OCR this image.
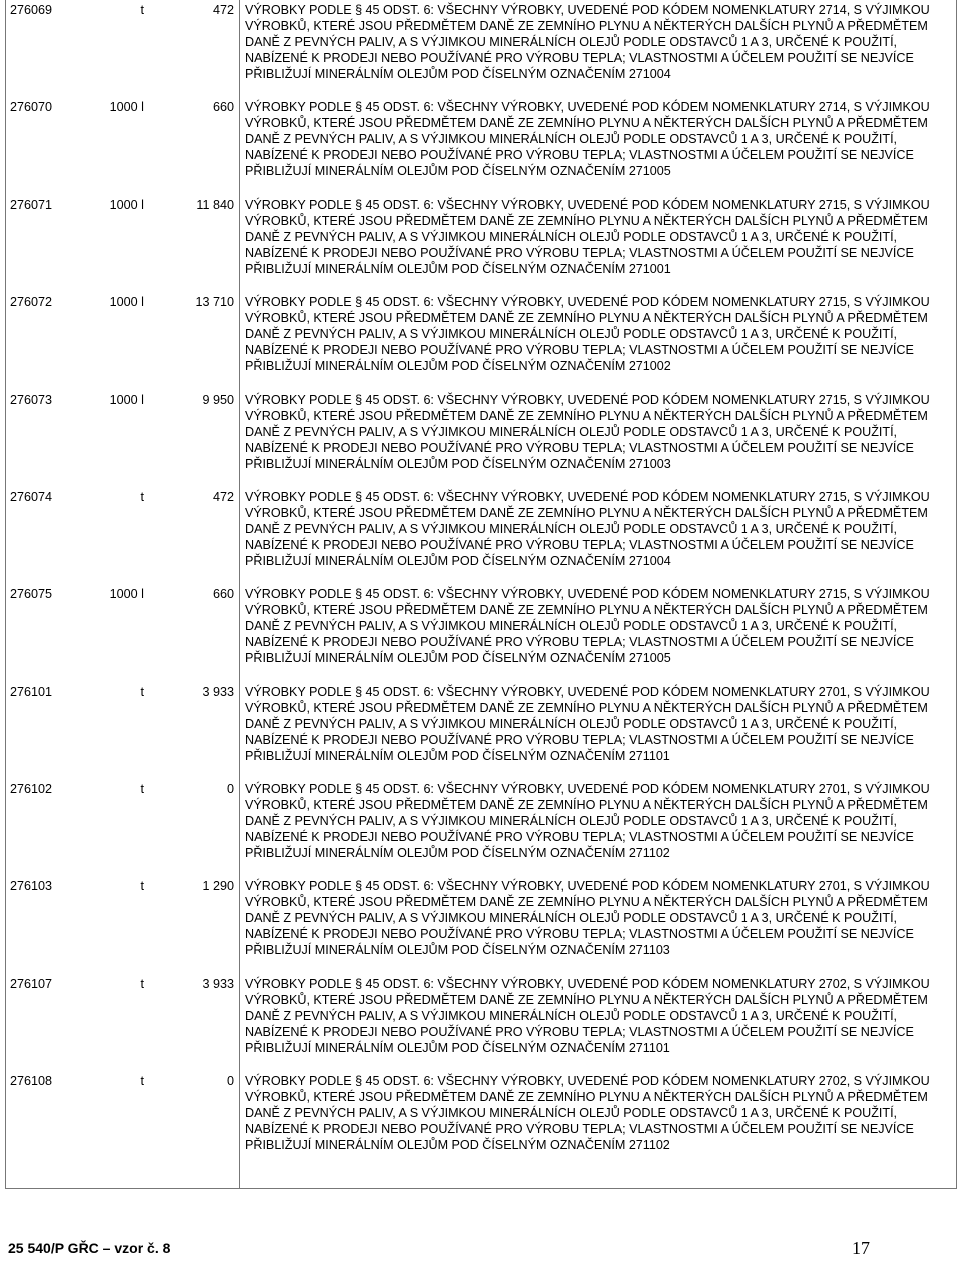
276069	t	472 VÝROBKY PODLE § 45 ODST. 6: VŠECHNY VÝROBKY, UVEDENÉ POD KÓDEM NOMENKLATURY 2714, S VÝJIMKOU VÝROBKŮ, KTERÉ JSOU PŘEDMĚTEM DANĚ ZE ZEMNÍHO PLYNU A NĚKTERÝCH DALŠÍCH PLYNŮ A PŘEDMĚTEM DANĚ Z PEVNÝCH PALIV, A S VÝJIMKOU MINERÁLNÍCH OLEJŮ PODLE ODSTAVCŮ 1 A 3, URČENÉ K POUŽITÍ, NABÍZENÉ K PRODEJI NEBO POUŽÍVANÉ PRO VÝROBU TEPLA; VLASTNOSTMI A ÚČELEM POUŽITÍ SE NEJVÍCE PŘIBLIŽUJÍ MINERÁLNÍM OLEJŮM POD ČÍSELNÝM OZNAČENÍM 271004
276070	1000 l	660 VÝROBKY PODLE § 45 ODST. 6: VŠECHNY VÝROBKY, UVEDENÉ POD KÓDEM NOMENKLATURY 2714, S VÝJIMKOU VÝROBKŮ, KTERÉ JSOU PŘEDMĚTEM DANĚ ZE ZEMNÍHO PLYNU A NĚKTERÝCH DALŠÍCH PLYNŮ A PŘEDMĚTEM DANĚ Z PEVNÝCH PALIV, A S VÝJIMKOU MINERÁLNÍCH OLEJŮ PODLE ODSTAVCŮ 1 A 3, URČENÉ K POUŽITÍ, NABÍZENÉ K PRODEJI NEBO POUŽÍVANÉ PRO VÝROBU TEPLA; VLASTNOSTMI A ÚČELEM POUŽITÍ SE NEJVÍCE PŘIBLIŽUJÍ MINERÁLNÍM OLEJŮM POD ČÍSELNÝM OZNAČENÍM 271005
276071	1000 l	11 840 VÝROBKY PODLE § 45 ODST. 6: VŠECHNY VÝROBKY, UVEDENÉ POD KÓDEM NOMENKLATURY 2715, S VÝJIMKOU VÝROBKŮ, KTERÉ JSOU PŘEDMĚTEM DANĚ ZE ZEMNÍHO PLYNU A NĚKTERÝCH DALŠÍCH PLYNŮ A PŘEDMĚTEM DANĚ Z PEVNÝCH PALIV, A S VÝJIMKOU MINERÁLNÍCH OLEJŮ PODLE ODSTAVCŮ 1 A 3, URČENÉ K POUŽITÍ, NABÍZENÉ K PRODEJI NEBO POUŽÍVANÉ PRO VÝROBU TEPLA; VLASTNOSTMI A ÚČELEM POUŽITÍ SE NEJVÍCE PŘIBLIŽUJÍ MINERÁLNÍM OLEJŮM POD ČÍSELNÝM OZNAČENÍM 271001
276072	1000 l	13 710 VÝROBKY PODLE § 45 ODST. 6: VŠECHNY VÝROBKY, UVEDENÉ POD KÓDEM NOMENKLATURY 2715, S VÝJIMKOU VÝROBKŮ, KTERÉ JSOU PŘEDMĚTEM DANĚ ZE ZEMNÍHO PLYNU A NĚKTERÝCH DALŠÍCH PLYNŮ A PŘEDMĚTEM DANĚ Z PEVNÝCH PALIV, A S VÝJIMKOU MINERÁLNÍCH OLEJŮ PODLE ODSTAVCŮ 1 A 3, URČENÉ K POUŽITÍ, NABÍZENÉ K PRODEJI NEBO POUŽÍVANÉ PRO VÝROBU TEPLA; VLASTNOSTMI A ÚČELEM POUŽITÍ SE NEJVÍCE PŘIBLIŽUJÍ MINERÁLNÍM OLEJŮM POD ČÍSELNÝM OZNAČENÍM 271002
276073	1000 l	9 950 VÝROBKY PODLE § 45 ODST. 6: VŠECHNY VÝROBKY, UVEDENÉ POD KÓDEM NOMENKLATURY 2715, S VÝJIMKOU VÝROBKŮ, KTERÉ JSOU PŘEDMĚTEM DANĚ ZE ZEMNÍHO PLYNU A NĚKTERÝCH DALŠÍCH PLYNŮ A PŘEDMĚTEM DANĚ Z PEVNÝCH PALIV, A S VÝJIMKOU MINERÁLNÍCH OLEJŮ PODLE ODSTAVCŮ 1 A 3, URČENÉ K POUŽITÍ, NABÍZENÉ K PRODEJI NEBO POUŽÍVANÉ PRO VÝROBU TEPLA; VLASTNOSTMI A ÚČELEM POUŽITÍ SE NEJVÍCE PŘIBLIŽUJÍ MINERÁLNÍM OLEJŮM POD ČÍSELNÝM OZNAČENÍM 271003
276074	t	472 VÝROBKY PODLE § 45 ODST. 6: VŠECHNY VÝROBKY, UVEDENÉ POD KÓDEM NOMENKLATURY 2715, S VÝJIMKOU VÝROBKŮ, KTERÉ JSOU PŘEDMĚTEM DANĚ ZE ZEMNÍHO PLYNU A NĚKTERÝCH DALŠÍCH PLYNŮ A PŘEDMĚTEM DANĚ Z PEVNÝCH PALIV, A S VÝJIMKOU MINERÁLNÍCH OLEJŮ PODLE ODSTAVCŮ 1 A 3, URČENÉ K POUŽITÍ, NABÍZENÉ K PRODEJI NEBO POUŽÍVANÉ PRO VÝROBU TEPLA; VLASTNOSTMI A ÚČELEM POUŽITÍ SE NEJVÍCE PŘIBLIŽUJÍ MINERÁLNÍM OLEJŮM POD ČÍSELNÝM OZNAČENÍM 271004
276075	1000 l	660 VÝROBKY PODLE § 45 ODST. 6: VŠECHNY VÝROBKY, UVEDENÉ POD KÓDEM NOMENKLATURY 2715, S VÝJIMKOU VÝROBKŮ, KTERÉ JSOU PŘEDMĚTEM DANĚ ZE ZEMNÍHO PLYNU A NĚKTERÝCH DALŠÍCH PLYNŮ A PŘEDMĚTEM DANĚ Z PEVNÝCH PALIV, A S VÝJIMKOU MINERÁLNÍCH OLEJŮ PODLE ODSTAVCŮ 1 A 3, URČENÉ K POUŽITÍ, NABÍZENÉ K PRODEJI NEBO POUŽÍVANÉ PRO VÝROBU TEPLA; VLASTNOSTMI A ÚČELEM POUŽITÍ SE NEJVÍCE PŘIBLIŽUJÍ MINERÁLNÍM OLEJŮM POD ČÍSELNÝM OZNAČENÍM 271005
276101	t	3 933 VÝROBKY PODLE § 45 ODST. 6: VŠECHNY VÝROBKY, UVEDENÉ POD KÓDEM NOMENKLATURY 2701, S VÝJIMKOU VÝROBKŮ, KTERÉ JSOU PŘEDMĚTEM DANĚ ZE ZEMNÍHO PLYNU A NĚKTERÝCH DALŠÍCH PLYNŮ A PŘEDMĚTEM DANĚ Z PEVNÝCH PALIV, A S VÝJIMKOU MINERÁLNÍCH OLEJŮ PODLE ODSTAVCŮ 1 A 3, URČENÉ K POUŽITÍ, NABÍZENÉ K PRODEJI NEBO POUŽÍVANÉ PRO VÝROBU TEPLA; VLASTNOSTMI A ÚČELEM POUŽITÍ SE NEJVÍCE PŘIBLIŽUJÍ MINERÁLNÍM OLEJŮM POD ČÍSELNÝM OZNAČENÍM 271101
276102	t	0 VÝROBKY PODLE § 45 ODST. 6: VŠECHNY VÝROBKY, UVEDENÉ POD KÓDEM NOMENKLATURY 2701, S VÝJIMKOU VÝROBKŮ, KTERÉ JSOU PŘEDMĚTEM DANĚ ZE ZEMNÍHO PLYNU A NĚKTERÝCH DALŠÍCH PLYNŮ A PŘEDMĚTEM DANĚ Z PEVNÝCH PALIV, A S VÝJIMKOU MINERÁLNÍCH OLEJŮ PODLE ODSTAVCŮ 1 A 3, URČENÉ K POUŽITÍ, NABÍZENÉ K PRODEJI NEBO POUŽÍVANÉ PRO VÝROBU TEPLA; VLASTNOSTMI A ÚČELEM POUŽITÍ SE NEJVÍCE PŘIBLIŽUJÍ MINERÁLNÍM OLEJŮM POD ČÍSELNÝM OZNAČENÍM 271102
276103	t	1 290 VÝROBKY PODLE § 45 ODST. 6: VŠECHNY VÝROBKY, UVEDENÉ POD KÓDEM NOMENKLATURY 2701, S VÝJIMKOU VÝROBKŮ, KTERÉ JSOU PŘEDMĚTEM DANĚ ZE ZEMNÍHO PLYNU A NĚKTERÝCH DALŠÍCH PLYNŮ A PŘEDMĚTEM DANĚ Z PEVNÝCH PALIV, A S VÝJIMKOU MINERÁLNÍCH OLEJŮ PODLE ODSTAVCŮ 1 A 3, URČENÉ K POUŽITÍ, NABÍZENÉ K PRODEJI NEBO POUŽÍVANÉ PRO VÝROBU TEPLA; VLASTNOSTMI A ÚČELEM POUŽITÍ SE NEJVÍCE PŘIBLIŽUJÍ MINERÁLNÍM OLEJŮM POD ČÍSELNÝM OZNAČENÍM 271103
276107	t	3 933 VÝROBKY PODLE § 45 ODST. 6: VŠECHNY VÝROBKY, UVEDENÉ POD KÓDEM NOMENKLATURY 2702, S VÝJIMKOU VÝROBKŮ, KTERÉ JSOU PŘEDMĚTEM DANĚ ZE ZEMNÍHO PLYNU A NĚKTERÝCH DALŠÍCH PLYNŮ A PŘEDMĚTEM DANĚ Z PEVNÝCH PALIV, A S VÝJIMKOU MINERÁLNÍCH OLEJŮ PODLE ODSTAVCŮ 1 A 3, URČENÉ K POUŽITÍ, NABÍZENÉ K PRODEJI NEBO POUŽÍVANÉ PRO VÝROBU TEPLA; VLASTNOSTMI A ÚČELEM POUŽITÍ SE NEJVÍCE PŘIBLIŽUJÍ MINERÁLNÍM OLEJŮM POD ČÍSELNÝM OZNAČENÍM 271101
276108	t	0 VÝROBKY PODLE § 45 ODST. 6: VŠECHNY VÝROBKY, UVEDENÉ POD KÓDEM NOMENKLATURY 2702, S VÝJIMKOU VÝROBKŮ, KTERÉ JSOU PŘEDMĚTEM DANĚ ZE ZEMNÍHO PLYNU A NĚKTERÝCH DALŠÍCH PLYNŮ A PŘEDMĚTEM DANĚ Z PEVNÝCH PALIV, A S VÝJIMKOU MINERÁLNÍCH OLEJŮ PODLE ODSTAVCŮ 1 A 3, URČENÉ K POUŽITÍ, NABÍZENÉ K PRODEJI NEBO POUŽÍVANÉ PRO VÝROBU TEPLA; VLASTNOSTMI A ÚČELEM POUŽITÍ SE NEJVÍCE PŘIBLIŽUJÍ MINERÁLNÍM OLEJŮM POD ČÍSELNÝM OZNAČENÍM 271102
25 540/P GŘC – vzor č. 8	17
